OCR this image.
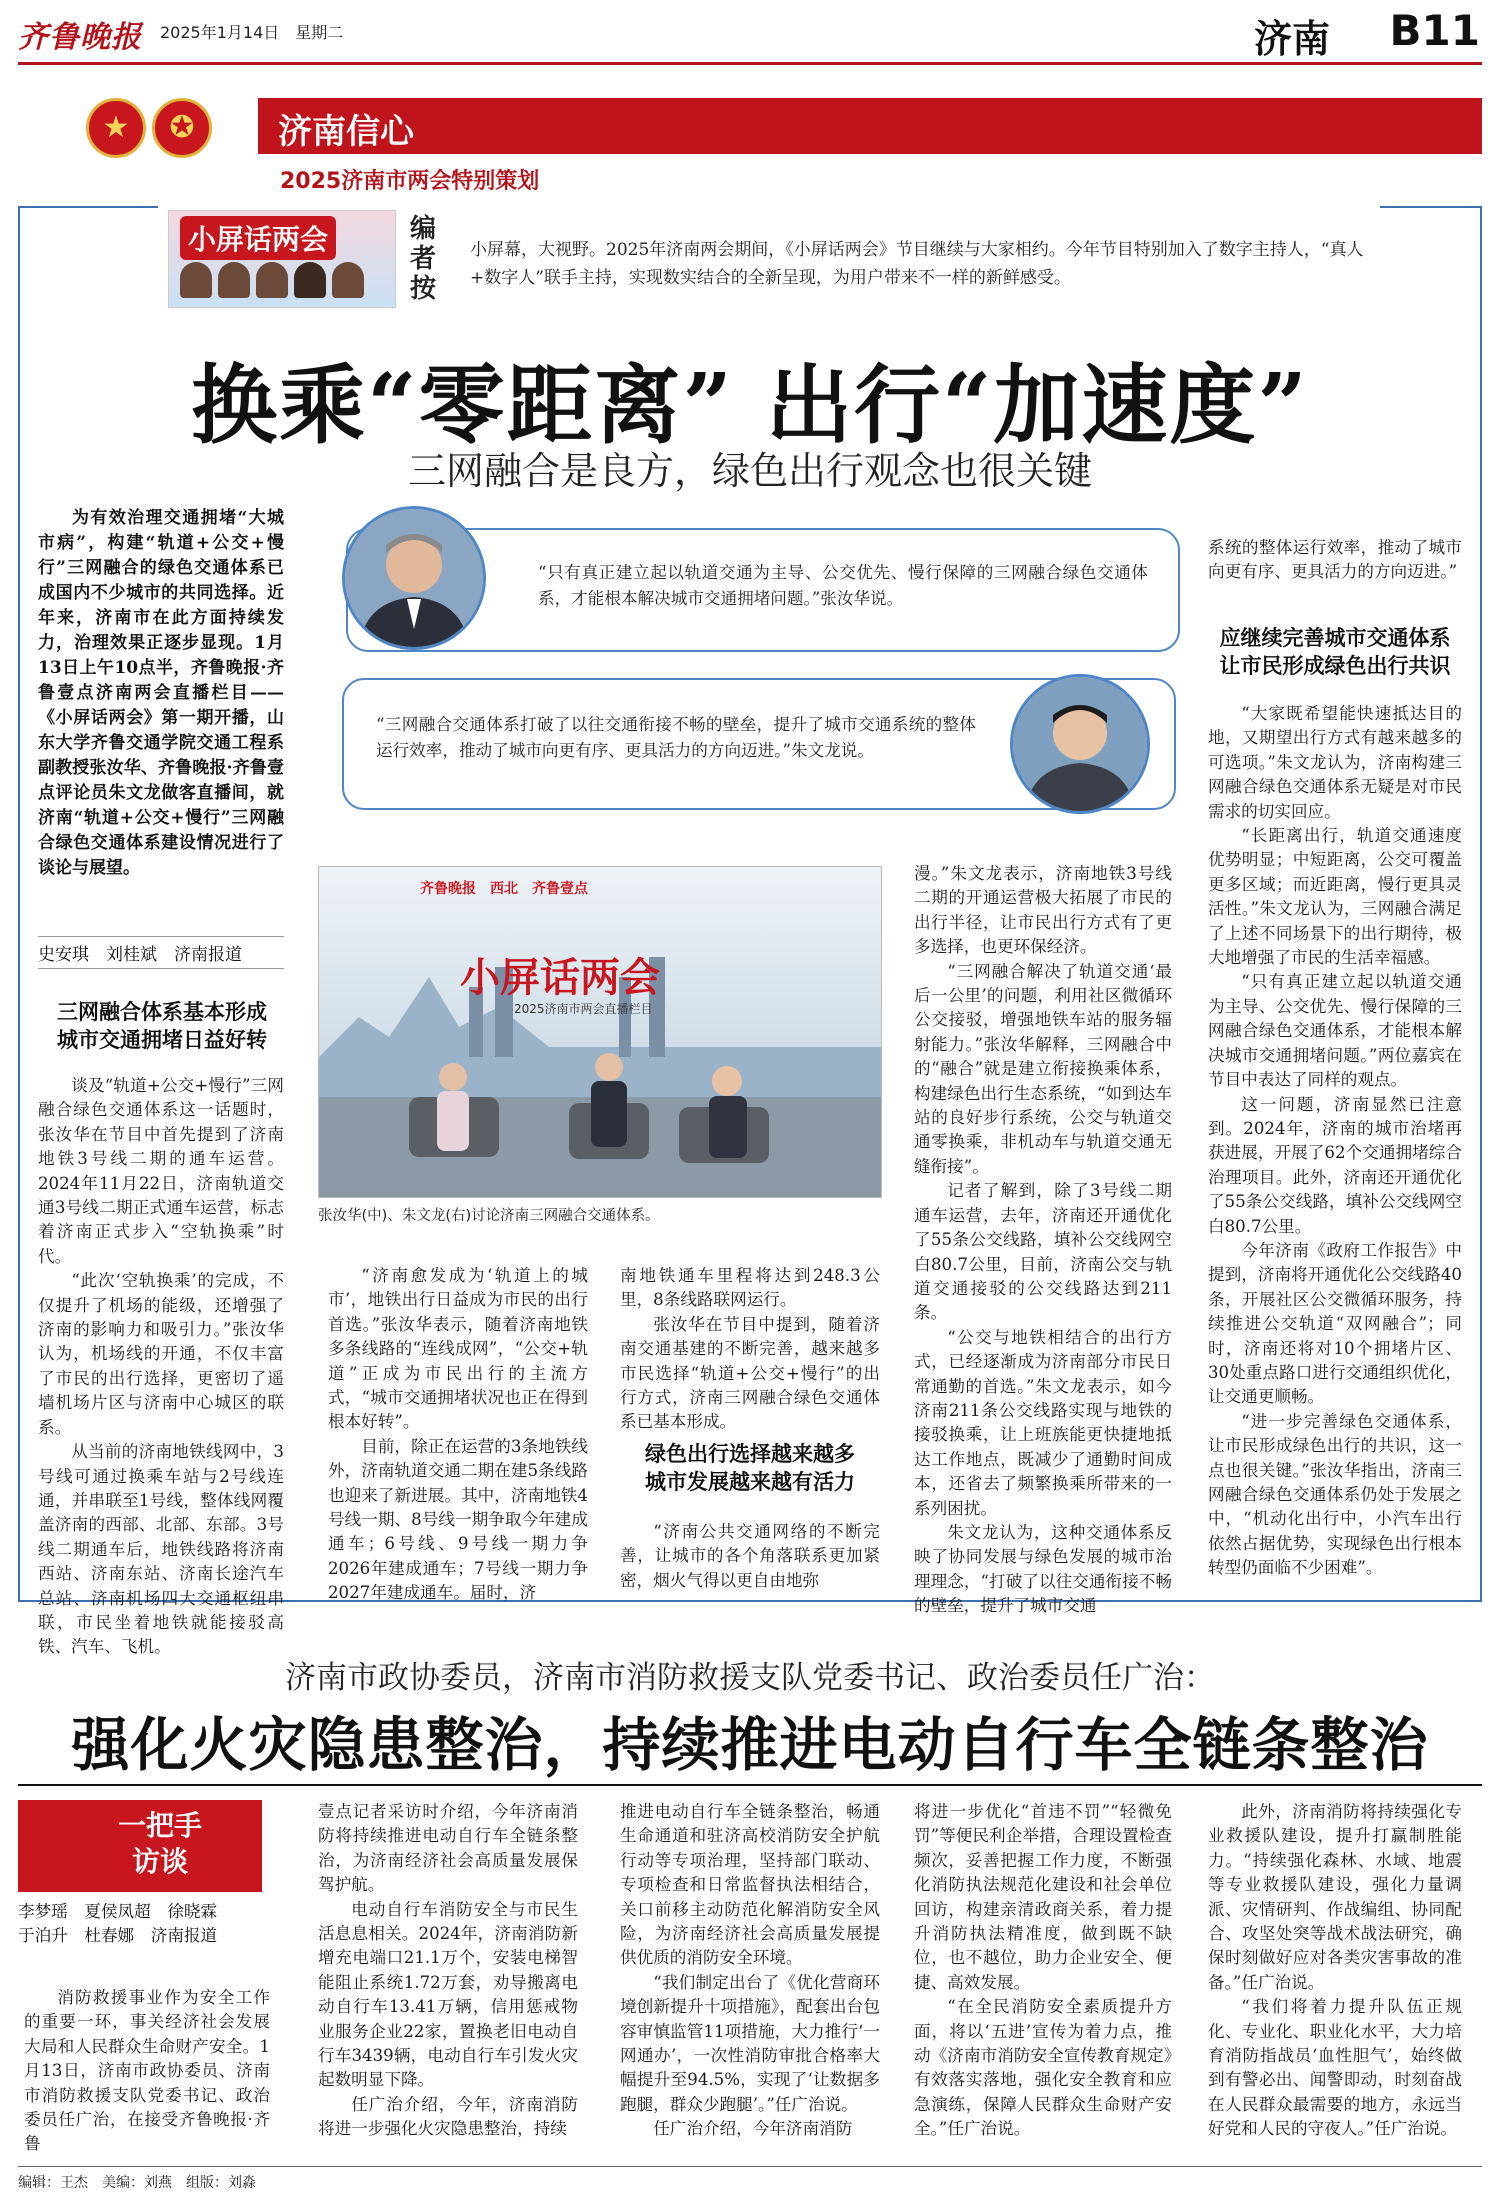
齐鲁晚报 2025年1月14日　星期二	济南 B11
★	✪	济南信心
2025济南市两会特别策划
小屏话两会	编者按
小屏幕，大视野。2025年济南两会期间，《小屏话两会》节目继续与大家相约。今年节目特别加入了数字主持人，“真人+数字人”联手主持，实现数实结合的全新呈现，为用户带来不一样的新鲜感受。
换乘“零距离” 出行“加速度”
三网融合是良方，绿色出行观念也很关键

为有效治理交通拥堵“大城市病”，构建“轨道+公交+慢行”三网融合的绿色交通体系已成国内不少城市的共同选择。近年来，济南市在此方面持续发力，治理效果正逐步显现。1月13日上午10点半，齐鲁晚报·齐鲁壹点济南两会直播栏目——《小屏话两会》第一期开播，山东大学齐鲁交通学院交通工程系副教授张汝华、齐鲁晚报·齐鲁壹点评论员朱文龙做客直播间，就济南“轨道+公交+慢行”三网融合绿色交通体系建设情况进行了谈论与展望。

史安琪　刘桂斌　济南报道
三网融合体系基本形成
城市交通拥堵日益好转

谈及“轨道+公交+慢行”三网融合绿色交通体系这一话题时，张汝华在节目中首先提到了济南地铁3号线二期的通车运营。2024年11月22日，济南轨道交通3号线二期正式通车运营，标志着济南正式步入“空轨换乘”时代。

“此次‘空轨换乘’的完成，不仅提升了机场的能级，还增强了济南的影响力和吸引力。”张汝华认为，机场线的开通，不仅丰富了市民的出行选择，更密切了遥墙机场片区与济南中心城区的联系。

从当前的济南地铁线网中，3号线可通过换乘车站与2号线连通，并串联至1号线，整体线网覆盖济南的西部、北部、东部。3号线二期通车后，地铁线路将济南西站、济南东站、济南长途汽车总站、济南机场四大交通枢纽串联，市民坐着地铁就能接驳高铁、汽车、飞机。

“只有真正建立起以轨道交通为主导、公交优先、慢行保障的三网融合绿色交通体系，才能根本解决城市交通拥堵问题。”张汝华说。
“三网融合交通体系打破了以往交通衔接不畅的壁垒，提升了城市交通系统的整体运行效率，推动了城市向更有序、更具活力的方向迈进。”朱文龙说。
齐鲁晚报　西北　齐鲁壹点
小屏话两会
2025济南市两会直播栏目
张汝华(中)、朱文龙(右)讨论济南三网融合交通体系。

“济南愈发成为‘轨道上的城市’，地铁出行日益成为市民的出行首选。”张汝华表示，随着济南地铁多条线路的“连线成网”，“公交+轨道”正成为市民出行的主流方式，“城市交通拥堵状况也正在得到根本好转”。

目前，除正在运营的3条地铁线外，济南轨道交通二期在建5条线路也迎来了新进展。其中，济南地铁4号线一期、8号线一期争取今年建成通车；6号线、9号线一期力争2026年建成通车；7号线一期力争2027年建成通车。届时，济

南地铁通车里程将达到248.3公里，8条线路联网运行。

张汝华在节目中提到，随着济南交通基建的不断完善，越来越多市民选择“轨道+公交+慢行”的出行方式，济南三网融合绿色交通体系已基本形成。

绿色出行选择越来越多
城市发展越来越有活力

“济南公共交通网络的不断完善，让城市的各个角落联系更加紧密，烟火气得以更自由地弥

漫。”朱文龙表示，济南地铁3号线二期的开通运营极大拓展了市民的出行半径，让市民出行方式有了更多选择，也更环保经济。

“三网融合解决了轨道交通‘最后一公里’的问题，利用社区微循环公交接驳，增强地铁车站的服务辐射能力。”张汝华解释，三网融合中的“融合”就是建立衔接换乘体系，构建绿色出行生态系统，“如到达车站的良好步行系统，公交与轨道交通零换乘，非机动车与轨道交通无缝衔接”。

记者了解到，除了3号线二期通车运营，去年，济南还开通优化了55条公交线路，填补公交线网空白80.7公里，目前，济南公交与轨道交通接驳的公交线路达到211条。

“公交与地铁相结合的出行方式，已经逐渐成为济南部分市民日常通勤的首选。”朱文龙表示，如今济南211条公交线路实现与地铁的接驳换乘，让上班族能更快捷地抵达工作地点，既减少了通勤时间成本，还省去了频繁换乘所带来的一系列困扰。

朱文龙认为，这种交通体系反映了协同发展与绿色发展的城市治理理念，“打破了以往交通衔接不畅的壁垒，提升了城市交通

系统的整体运行效率，推动了城市向更有序、更具活力的方向迈进。”

应继续完善城市交通体系
让市民形成绿色出行共识

“大家既希望能快速抵达目的地，又期望出行方式有越来越多的可选项。”朱文龙认为，济南构建三网融合绿色交通体系无疑是对市民需求的切实回应。

“长距离出行，轨道交通速度优势明显；中短距离，公交可覆盖更多区域；而近距离，慢行更具灵活性。”朱文龙认为，三网融合满足了上述不同场景下的出行期待，极大地增强了市民的生活幸福感。

“只有真正建立起以轨道交通为主导、公交优先、慢行保障的三网融合绿色交通体系，才能根本解决城市交通拥堵问题。”两位嘉宾在节目中表达了同样的观点。

这一问题，济南显然已注意到。2024年，济南的城市治堵再获进展，开展了62个交通拥堵综合治理项目。此外，济南还开通优化了55条公交线路，填补公交线网空白80.7公里。

今年济南《政府工作报告》中提到，济南将开通优化公交线路40条，开展社区公交微循环服务，持续推进公交轨道“双网融合”；同时，济南还将对10个拥堵片区、30处重点路口进行交通组织优化，让交通更顺畅。

“进一步完善绿色交通体系，让市民形成绿色出行的共识，这一点也很关键。”张汝华指出，济南三网融合绿色交通体系仍处于发展之中，“机动化出行中，小汽车出行依然占据优势，实现绿色出行根本转型仍面临不少困难”。

济南市政协委员，济南市消防救援支队党委书记、政治委员任广治：
强化火灾隐患整治，持续推进电动自行车全链条整治
一把手
访谈
李梦瑶　夏侯凤超　徐晓霖
于泊升　杜春娜　济南报道

消防救援事业作为安全工作的重要一环，事关经济社会发展大局和人民群众生命财产安全。1月13日，济南市政协委员、济南市消防救援支队党委书记、政治委员任广治，在接受齐鲁晚报·齐鲁

壹点记者采访时介绍，今年济南消防将持续推进电动自行车全链条整治，为济南经济社会高质量发展保驾护航。

电动自行车消防安全与市民生活息息相关。2024年，济南消防新增充电端口21.1万个，安装电梯智能阻止系统1.72万套，劝导搬离电动自行车13.41万辆，信用惩戒物业服务企业22家，置换老旧电动自行车3439辆，电动自行车引发火灾起数明显下降。

任广治介绍，今年，济南消防将进一步强化火灾隐患整治，持续

推进电动自行车全链条整治，畅通生命通道和驻济高校消防安全护航行动等专项治理，坚持部门联动、专项检查和日常监督执法相结合，关口前移主动防范化解消防安全风险，为济南经济社会高质量发展提供优质的消防安全环境。

“我们制定出台了《优化营商环境创新提升十项措施》，配套出台包容审慎监管11项措施，大力推行‘一网通办’，一次性消防审批合格率大幅提升至94.5%，实现了‘让数据多跑腿，群众少跑腿’。”任广治说。

任广治介绍，今年济南消防

将进一步优化“首违不罚”“轻微免罚”等便民利企举措，合理设置检查频次，妥善把握工作力度，不断强化消防执法规范化建设和社会单位回访，构建亲清政商关系，着力提升消防执法精准度，做到既不缺位，也不越位，助力企业安全、便捷、高效发展。

“在全民消防安全素质提升方面，将以‘五进’宣传为着力点，推动《济南市消防安全宣传教育规定》有效落实落地，强化安全教育和应急演练，保障人民群众生命财产安全。”任广治说。

此外，济南消防将持续强化专业救援队建设，提升打赢制胜能力。“持续强化森林、水域、地震等专业救援队建设，强化力量调派、灾情研判、作战编组、协同配合、攻坚处突等战术战法研究，确保时刻做好应对各类灾害事故的准备。”任广治说。

“我们将着力提升队伍正规化、专业化、职业化水平，大力培育消防指战员‘血性胆气’，始终做到有警必出、闻警即动，时刻奋战在人民群众最需要的地方，永远当好党和人民的守夜人。”任广治说。

编辑：王杰　美编：刘燕　组版：刘淼
